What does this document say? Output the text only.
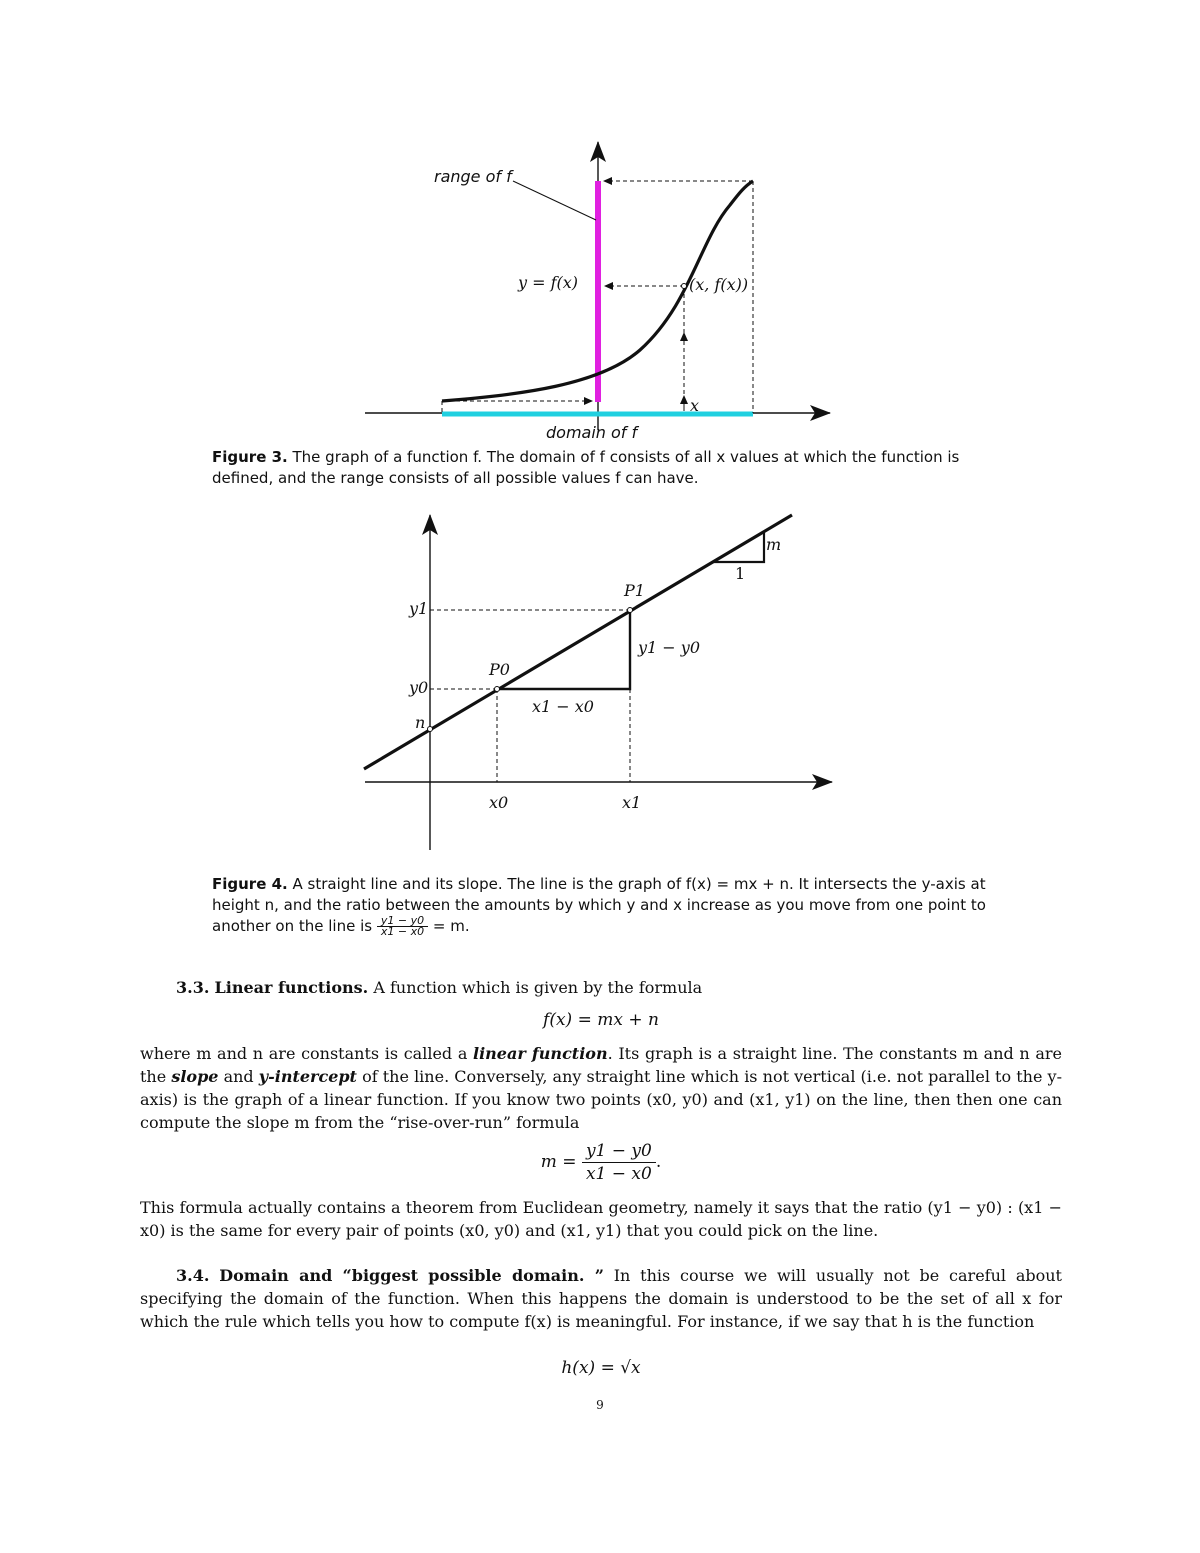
range of f
y = f(x)	(x, f(x))
x
domain of f
Figure 3. The graph of a function f. The domain of f consists of all x values at which the function is defined, and the range consists of all possible values f can have.
m
1
P1
P0
y1
y0
n
y1 − y0
x1 − x0
x0	x1
Figure 4. A straight line and its slope. The line is the graph of f(x) = mx + n. It intersects the y-axis at height n, and the ratio between the amounts by which y and x increase as you move from one point to another on the line is $\frac{y1 - y0}{x1 - x0} = m$.
3.3. Linear functions. A function which is given by the formula
f(x) = mx + n
where m and n are constants is called a linear function. Its graph is a straight line. The constants m and n are the slope and y-intercept of the line. Conversely, any straight line which is not vertical (i.e. not parallel to the y-axis) is the graph of a linear function. If you know two points (x0, y0) and (x1, y1) on the line, then then one can compute the slope m from the “rise-over-run” formula
$m = \frac{y1 - y0}{x1 - x0}$ .
This formula actually contains a theorem from Euclidean geometry, namely it says that the ratio (y1 − y0) : (x1 − x0) is the same for every pair of points (x0, y0) and (x1, y1) that you could pick on the line.
3.4. Domain and “biggest possible domain. ” In this course we will usually not be careful about specifying the domain of the function. When this happens the domain is understood to be the set of all x for which the rule which tells you how to compute f(x) is meaningful. For instance, if we say that h is the function
h(x) = √x
9
